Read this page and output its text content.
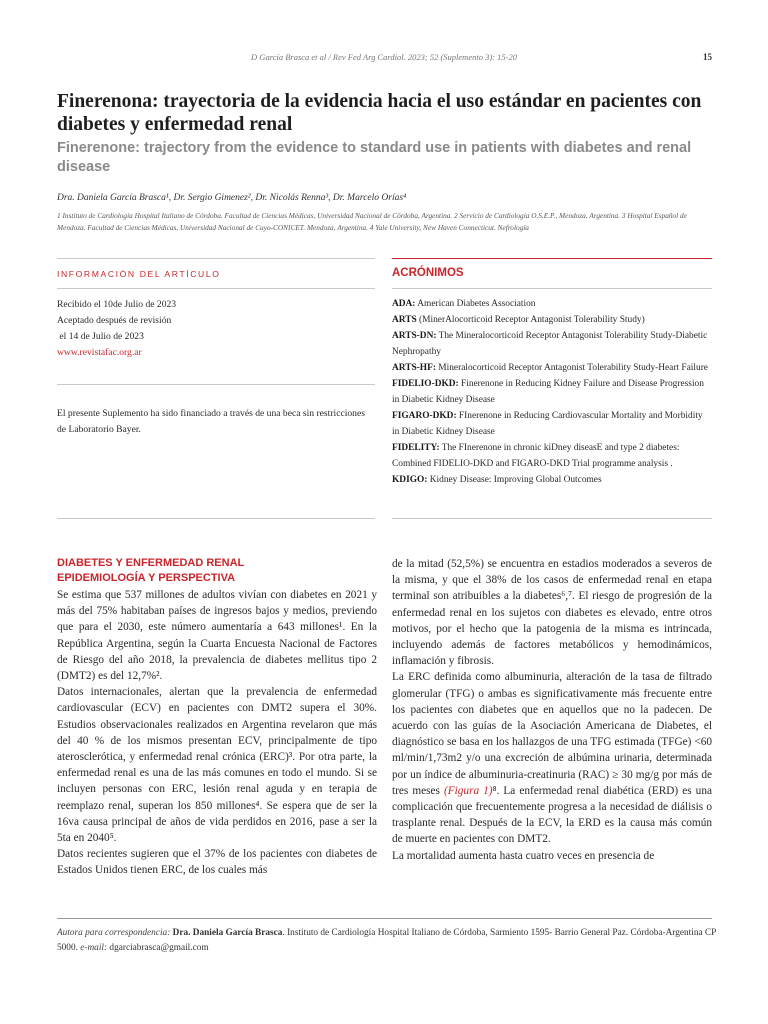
D García Brasca et al / Rev Fed Arg Cardiol. 2023; 52 (Suplemento 3): 15-20	15
Finerenona: trayectoria de la evidencia hacia el uso estándar en pacientes con diabetes y enfermedad renal
Finerenone: trajectory from the evidence to standard use in patients with diabetes and renal disease
Dra. Daniela García Brasca¹, Dr. Sergio Gimenez², Dr. Nicolás Renna³, Dr. Marcelo Orías⁴
1 Instituto de Cardiología Hospital Italiano de Córdoba. Facultad de Ciencias Médicas, Universidad Nacional de Córdoba, Argentina. 2 Servicio de Cardiología O.S.E.P., Mendoza, Argentina. 3 Hospital Español de Mendoza. Facultad de Ciencias Médicas, Universidad Nacional de Cuyo-CONICET. Mendoza, Argentina. 4 Yale University, New Haven Connecticut. Nefrología
INFORMACIÓN DEL ARTÍCULO
Recibido el 10de Julio de 2023
Aceptado después de revisión
el 14 de Julio de 2023
www.revistafac.org.ar
El presente Suplemento ha sido financiado a través de una beca sin restricciones de Laboratorio Bayer.
ACRÓNIMOS

ADA: American Diabetes Association

ARTS (MinerAlocorticoid Receptor Antagonist Tolerability Study)

ARTS-DN: The Mineralocorticoid Receptor Antagonist Tolerability Study-Diabetic Nephropathy

ARTS-HF: Mineralocorticoid Receptor Antagonist Tolerability Study-Heart Failure

FIDELIO-DKD: Finerenone in Reducing Kidney Failure and Disease Progression in Diabetic Kidney Disease

FIGARO-DKD: FInerenone in Reducing Cardiovascular Mortality and Morbidity in Diabetic Kidney Disease

FIDELITY: The FInerenone in chronic kiDney diseasE and type 2 diabetes: Combined FIDELIO-DKD and FIGARO-DKD Trial programme analysis .

KDIGO: Kidney Disease: Improving Global Outcomes

DIABETES Y ENFERMEDAD RENAL
EPIDEMIOLOGÍA Y PERSPECTIVA

Se estima que 537 millones de adultos vivían con diabetes en 2021 y más del 75% habitaban países de ingresos bajos y medios, previendo que para el 2030, este número aumentaría a 643 millones¹. En la República Argentina, según la Cuarta Encuesta Nacional de Factores de Riesgo del año 2018, la prevalencia de diabetes mellitus tipo 2 (DMT2) es del 12,7%².

Datos internacionales, alertan que la prevalencia de enfermedad cardiovascular (ECV) en pacientes con DMT2 supera el 30%. Estudios observacionales realizados en Argentina revelaron que más del 40 % de los mismos presentan ECV, principalmente de tipo aterosclerótica, y enfermedad renal crónica (ERC)³. Por otra parte, la enfermedad renal es una de las más comunes en todo el mundo. Si se incluyen personas con ERC, lesión renal aguda y en terapia de reemplazo renal, superan los 850 millones⁴. Se espera que de ser la 16va causa principal de años de vida perdidos en 2016, pase a ser la 5ta en 2040⁵.

Datos recientes sugieren que el 37% de los pacientes con diabetes de Estados Unidos tienen ERC, de los cuales más

de la mitad (52,5%) se encuentra en estadios moderados a severos de la misma, y que el 38% de los casos de enfermedad renal en etapa terminal son atribuibles a la diabetes⁶,⁷. El riesgo de progresión de la enfermedad renal en los sujetos con diabetes es elevado, entre otros motivos, por el hecho que la patogenia de la misma es intrincada, incluyendo además de factores metabólicos y hemodinámicos, inflamación y fibrosis.

La ERC definida como albuminuria, alteración de la tasa de filtrado glomerular (TFG) o ambas es significativamente más frecuente entre los pacientes con diabetes que en aquellos que no la padecen. De acuerdo con las guías de la Asociación Americana de Diabetes, el diagnóstico se basa en los hallazgos de una TFG estimada (TFGe) <60 ml/min/1,73m2 y/o una excreción de albúmina urinaria, determinada por un índice de albuminuria-creatinuria (RAC) ≥ 30 mg/g por más de tres meses (Figura 1)⁸. La enfermedad renal diabética (ERD) es una complicación que frecuentemente progresa a la necesidad de diálisis o trasplante renal. Después de la ECV, la ERD es la causa más común de muerte en pacientes con DMT2.

La mortalidad aumenta hasta cuatro veces en presencia de

Autora para correspondencia: Dra. Daniela García Brasca. Instituto de Cardiología Hospital Italiano de Córdoba, Sarmiento 1595- Barrio General Paz. Córdoba-Argentina CP 5000. e-mail: dgarciabrasca@gmail.com
